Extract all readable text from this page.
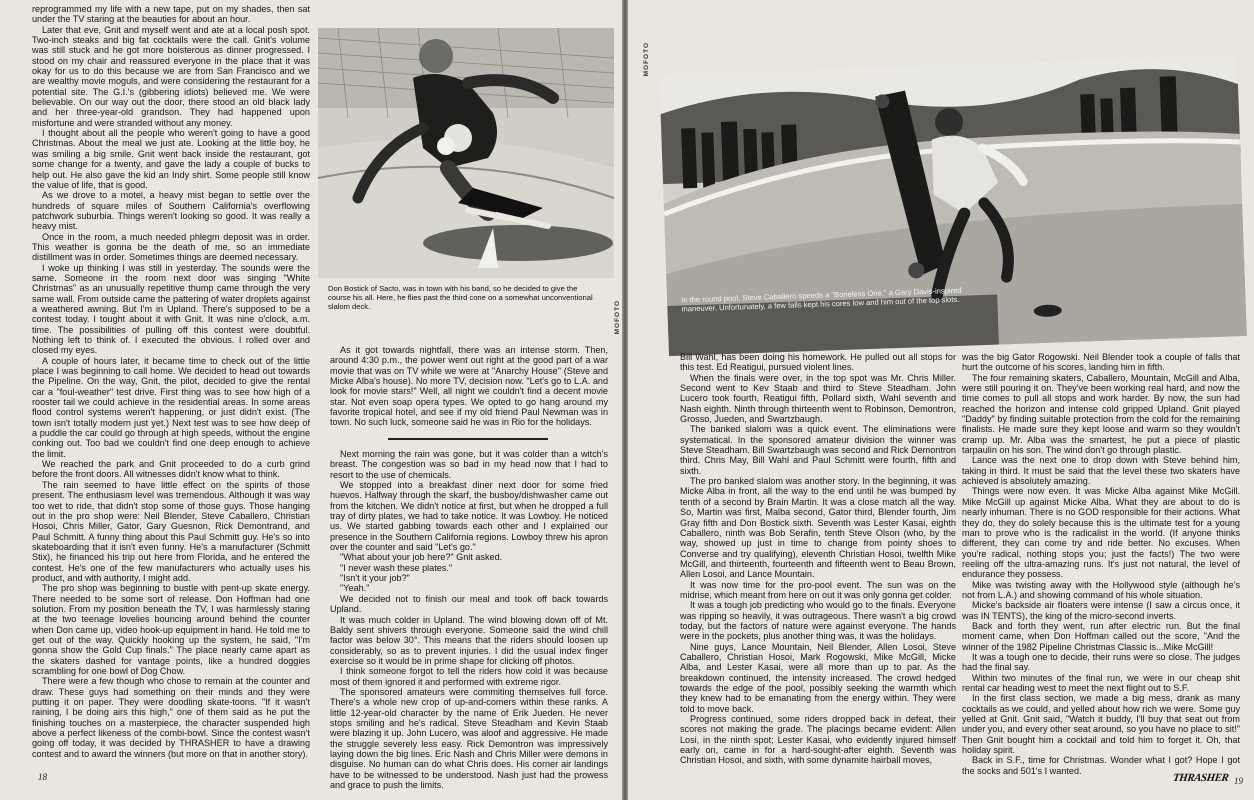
reprogrammed my life with a new tape, put on my shades, then sat under the TV staring at the beauties for about an hour.

Later that eve, Gnit and myself went and ate at a local posh spot. Two-inch steaks and big fat cocktails were the call. Gnit's volume was still stuck and he got more boisterous as dinner progressed. I stood on my chair and reassured everyone in the place that it was okay for us to do this because we are from San Francisco and we are wealthy movie moguls, and were considering the restaurant for a potential site. The G.I.'s (gibbering idiots) believed me. We were believable. On our way out the door, there stood an old black lady and her three-year-old grandson. They had happened upon misfortune and were stranded without any money.

I thought about all the people who weren't going to have a good Christmas. About the meal we just ate. Looking at the little boy, he was smiling a big smile. Gnit went back inside the restaurant, got some change for a twenty, and gave the lady a couple of bucks to help out. He also gave the kid an Indy shirt. Some people still know the value of life, that is good.

As we drove to a motel, a heavy mist began to settle over the hundreds of square miles of Southern California's overflowing patchwork suburbia. Things weren't looking so good. It was really a heavy mist.

Once in the room, a much needed phlegm deposit was in order. This weather is gonna be the death of me, so an immediate distillment was in order. Sometimes things are deemed necessary.

I woke up thinking I was still in yesterday. The sounds were the same. Someone in the room next door was singing "White Christmas" as an unusually repetitive thump came through the very same wall. From outside came the pattering of water droplets against a weathered awning. But I'm in Upland. There's supposed to be a contest today. I tought about it with Gnit. It was nine o'clock, a.m. time. The possibilities of pulling off this contest were doubtful. Nothing left to think of. I executed the obvious. I rolled over and closed my eyes.

A couple of hours later, it became time to check out of the little place I was beginning to call home. We decided to head out towards the Pipeline. On the way, Gnit, the pilot, decided to give the rental car a "foul-weather" test drive. First thing was to see how high of a rooster tail we could achieve in the residential areas. In some areas flood control systems weren't happening, or just didn't exist. (The town isn't totally modern just yet.) Next test was to see how deep of a puddle the car could go through at high speeds, without the engine conking out. Too bad we couldn't find one deep enough to achieve the limit.

We reached the park and Gnit proceeded to do a curb grind before the front doors. All witnesses didn't know what to think.

The rain seemed to have little effect on the spirits of those present. The enthusiasm level was tremendous. Although it was way too wet to ride, that didn't stop some of those guys. Those hanging out in the pro shop were: Neil Blender, Steve Caballero, Christian Hosoi, Chris Miller, Gator, Gary Guesnon, Rick Demontrand, and Paul Schmitt. A funny thing about this Paul Schmitt guy. He's so into skateboarding that it isn't even funny. He's a manufacturer (Schmitt Stix), he financed his trip out here from Florida, and he entered the contest. He's one of the few manufacturers who actually uses his product, and with authority, I might add.

The pro shop was beginning to bustle with pent-up skate energy. There needed to be some sort of release. Don Hoffman had one solution. From my position beneath the TV, I was harmlessly staring at the two teenage lovelies bouncing around behind the counter when Don came up, video hook-up equipment in hand. He told me to get out of the way. Quickly hooking up the system, he said, "I'm gonna show the Gold Cup finals." The place nearly came apart as the skaters dashed for vantage points, like a hundred doggies scrambling for one bowl of Dog Chow.

There were a few though who chose to remain at the counter and draw. These guys had something on their minds and they were putting it on paper. They were doodling skate-toons. "If it wasn't raining, I be doing airs this high," one of them said as he put the finishing touches on a masterpiece, the character suspended high above a perfect likeness of the combi-bowl. Since the contest wasn't going off today, it was decided by THRASHER to have a drawing contest and to award the winners (but more on that in another story).

MOFOTO
Don Bostick of Sacto, was in town with his band, so he decided to give the course his all. Here, he flies past the third cone on a somewhat unconventional slalom deck.

As it got towards nightfall, there was an intense storm. Then, around 4:30 p.m., the power went out right at the good part of a war movie that was on TV while we were at "Anarchy House" (Steve and Micke Alba's house). No more TV, decision now. "Let's go to L.A. and look for movie stars!" Well, all night we couldn't find a decent movie star. Not even soap opera types. We opted to go hang around my favorite tropical hotel, and see if my old friend Paul Newman was in town. No such luck, someone said he was in Rio for the holidays.

Next morning the rain was gone, but it was colder than a witch's breast. The congestion was so bad in my head now that I had to resort to the use of chemicals.

We stopped into a breakfast diner next door for some fried huevos. Halfway through the skarf, the busboy/dishwasher came out from the kitchen. We didn't notice at first, but when he dropped a full tray of dirty plates, we had to take notice. It was Lowboy. He noticed us. We started gabbing towards each other and I explained our presence in the Southern California regions. Lowboy threw his apron over the counter and said "Let's go."

"What about your job here?" Gnit asked.

"I never wash these plates."

"Isn't it your job?"

"Yeah."

We decided not to finish our meal and took off back towards Upland.

It was much colder in Upland. The wind blowing down off of Mt. Baldy sent shivers through everyone. Someone said the wind chill factor was below 30°. This means that the riders should loosen up considerably, so as to prevent injuries. I did the usual index finger exercise so it would be in prime shape for clicking off photos.

I think someone forgot to tell the riders how cold it was because most of them ignored it and performed with extreme rigor.

The sponsored amateurs were commiting themselves full force. There's a whole new crop of up-and-comers within these ranks. A little 12-year-old character by the name of Erik Jueden. He never stops smiling and he's radical. Steve Steadham and Kevin Staab were blazing it up. John Lucero, was aloof and aggressive. He made the struggle severely less easy. Rick Demontron was impressively laying down the big lines. Eric Nash and Chris Miller were demons in disguise. No human can do what Chris does. His corner air landings have to be witnessed to be understood. Nash just had the prowess and grace to push the limits.

18
MOFOTO
In the round pool, Steve Caballero speeds a "Boneless One," a Gary Davis-inspired maneuver. Unfortunately, a few falls kept his cores low and him out of the top slots.

Bill Wahl, has been doing his homework. He pulled out all stops for this test. Ed Reatigui, pursued violent lines.

When the finals were over, in the top spot was Mr. Chris Miller. Second went to Kev Staab and third to Steve Steadham. John Lucero took fourth, Reatigui fifth, Pollard sixth, Wahl seventh and Nash eighth. Ninth through thirteenth went to Robinson, Demontron, Grosso, Jueden, and Swartzbaugh.

The banked slalom was a quick event. The eliminations were systematical. In the sponsored amateur division the winner was Steve Steadham. Bill Swartzbaugh was second and Rick Demontron third. Chris May, Bill Wahl and Paul Schmitt were fourth, fifth and sixth.

The pro banked slalom was another story. In the beginning, it was Micke Alba in front, all the way to the end until he was bumped by tenth of a second by Brain Martin. It was a close match all the way. So, Martin was first, Malba second, Gator third, Blender fourth, Jim Gray fifth and Don Bostick sixth. Seventh was Lester Kasai, eighth Caballero, ninth was Bob Serafin, tenth Steve Olson (who, by the way, showed up just in time to change from pointy shoes to Converse and try qualifying), eleventh Christian Hosoi, twelfth Mike McGill, and thirteenth, fourteenth and fifteenth went to Beau Brown, Allen Losoi, and Lance Mountain.

It was now time for the pro-pool event. The sun was on the midrise, which meant from here on out it was only gonna get colder.

It was a tough job predicting who would go to the finals. Everyone was ripping so heavily, it was outrageous. There wasn't a big crowd today, but the factors of nature were against everyone. The hands were in the pockets, plus another thing was, it was the holidays.

Nine guys, Lance Mountain, Neil Blender, Allen Losoi, Steve Caballero, Christian Hosoi, Mark Rogowski, Mike McGill, Micke Alba, and Lester Kasai, were all more than up to par. As the breakdown continued, the intensity increased. The crowd hedged towards the edge of the pool, possibly seeking the warmth which they knew had to be emanating from the energy within. They were told to move back.

Progress continued, some riders dropped back in defeat, their scores not making the grade. The placings became evident: Allen Losi, in the ninth spot; Lester Kasai, who evidently injured himself early on, came in for a hard-sought-after eighth. Seventh was Christian Hosoi, and sixth, with some dynamite hairball moves,

was the big Gator Rogowski. Neil Blender took a couple of falls that hurt the outcome of his scores, landing him in fifth.

The four remaining skaters, Caballero, Mountain, McGill and Alba, were still pouring it on. They've been working real hard, and now the time comes to pull all stops and work harder. By now, the sun had reached the horizon and intense cold gripped Upland. Gnit played "Daddy" by finding suitable protection from the cold for the remaining finalists. He made sure they kept loose and warm so they wouldn't cramp up. Mr. Alba was the smartest, he put a piece of plastic tarpaulin on his son. The wind don't go through plastic.

Lance was the next one to drop down with Steve behind him, taking in third. It must be said that the level these two skaters have achieved is absolutely amazing.

Things were now even. It was Micke Alba against Mike McGill. Mike McGill up against Micke Alba. What they are about to do is nearly inhuman. There is no GOD responsible for their actions. What they do, they do solely because this is the ultimate test for a young man to prove who is the radicalist in the world. (If anyone thinks different, they can come try and ride better. No excuses. When you're radical, nothing stops you; just the facts!) The two were reeling off the ultra-amazing runs. It's just not natural, the level of endurance they possess.

Mike was twisting away with the Hollywood style (although he's not from L.A.) and showing command of his whole situation.

Micke's backside air floaters were intense (I saw a circus once, it was IN TENTS), the king of the micro-second inverts.

Back and forth they went, run after electric run. But the final moment came, when Don Hoffman called out the score, "And the winner of the 1982 Pipeline Christmas Classic is...Mike McGill!

It was a tough one to decide, their runs were so close. The judges had the final say.

Within two minutes of the final run, we were in our cheap shit rental car heading west to meet the next flight out to S.F.

In the first class section, we made a big mess, drank as many cocktails as we could, and yelled about how rich we were. Some guy yelled at Gnit. Gnit said, "Watch it buddy, I'll buy that seat out from under you, and every other seat around, so you have no place to sit!" Then Gnit bought him a cocktail and told him to forget it. Oh, that holiday spirit.

Back in S.F., time for Christmas. Wonder what I got? Hope I got the socks and 501's I wanted.

THRASHER 19
